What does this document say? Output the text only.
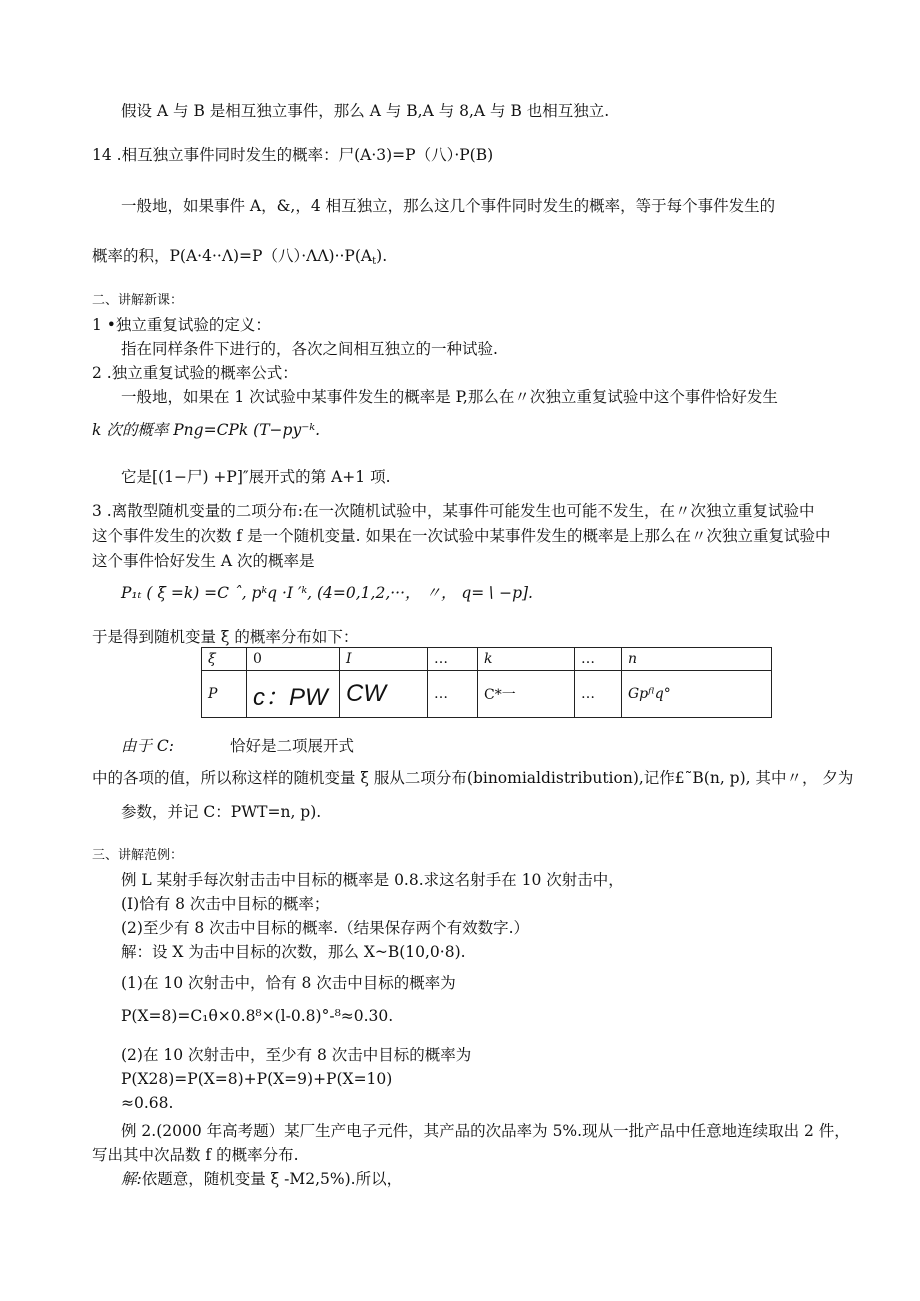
假设 A 与 B 是相互独立事件，那么 A 与 B,A 与 8,A 与 B 也相互独立.
14 .相互独立事件同时发生的概率：尸(A·3)=P（八）·P(B)
一般地，如果事件 A，&,，4 相互独立，那么这几个事件同时发生的概率，等于每个事件发生的
概率的积，P(A·4··Λ)=P（八）$\cdot\Lambda\Lambda)\cdot\cdot P(A_t)$.
二、讲解新课：
1 •独立重复试验的定义：
指在同样条件下进行的，各次之间相互独立的一种试验.
2 .独立重复试验的概率公式：
一般地，如果在 1 次试验中某事件发生的概率是 P,那么在〃次独立重复试验中这个事件恰好发生
k 次的概率 Png=CPk (T−py⁻ᵏ.
它是[(1−尸) +P]″展开式的第 A+1 项.
3 .离散型随机变量的二项分布:在一次随机试验中，某事件可能发生也可能不发生，在〃次独立重复试验中
这个事件发生的次数 f 是一个随机变量. 如果在一次试验中某事件发生的概率是上那么在〃次独立重复试验中
这个事件恰好发生 A 次的概率是
P₁ₜ ( ξ =k) =C ˆ, pᵏq ·I ′ᵏ, (4=0,1,2,···， 〃， q=∖ −p].
于是得到随机变量 ξ 的概率分布如下：
ξ	0	I	…	k	…	n
P	c：PW	CW	…	C*一	…	Gpᶠˡq°
由于 C:	恰好是二项展开式
中的各项的值，所以称这样的随机变量 ξ 服从二项分布(binomialdistribution),记作£˜B(n, p), 其中〃， 夕为
参数，并记 C：PWT=n, p).
三、讲解范例：
例 L 某射手每次射击击中目标的概率是 0.8.求这名射手在 10 次射击中，
(I)恰有 8 次击中目标的概率；
(2)至少有 8 次击中目标的概率.（结果保存两个有效数字.）
解：设 X 为击中目标的次数，那么 X~B(10,0·8).
(1)在 10 次射击中，恰有 8 次击中目标的概率为
P(X=8)=C₁θ×0.8⁸×(l-0.8)°-⁸≈0.30.
(2)在 10 次射击中，至少有 8 次击中目标的概率为
P(X28)=P(X=8)+P(X=9)+P(X=10)
≈0.68.
例 2.(2000 年高考题）某厂生产电子元件，其产品的次品率为 5%.现从一批产品中任意地连续取出 2 件，
写出其中次品数 f 的概率分布.
解:依题意，随机变量 ξ -M2,5%).所以，
